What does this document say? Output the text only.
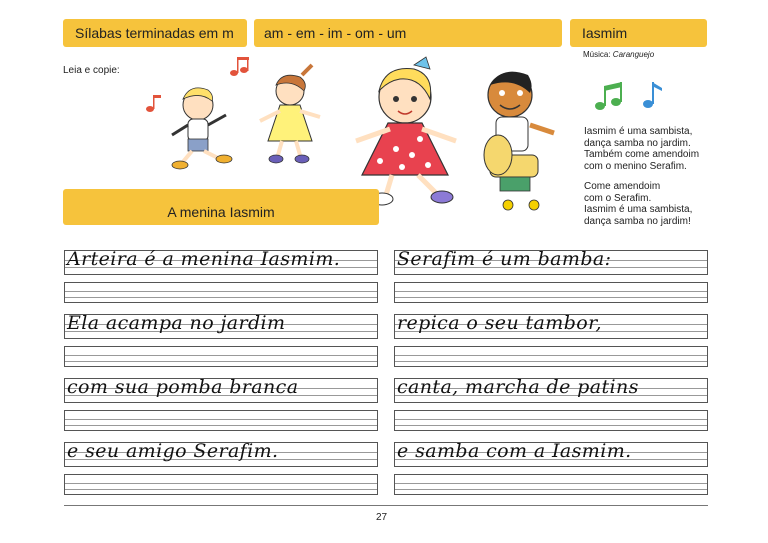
Sílabas terminadas em m am - em - im - om - um	Iasmim
Música: Caranguejo
Leia e copie:
Iasmim é uma sambista,
dança samba no jardim.
Também come amendoim
com o menino Serafim.
Come amendoim
com o Serafim.
Iasmim é uma sambista,
dança samba no jardim!
A menina Iasmim
Arteira é a menina Iasmim.
Ela acampa no jardim
com sua pomba branca
e seu amigo Serafim.
Serafim é um bamba:
repica o seu tambor,
canta, marcha de patins
e samba com a Iasmim.
27
